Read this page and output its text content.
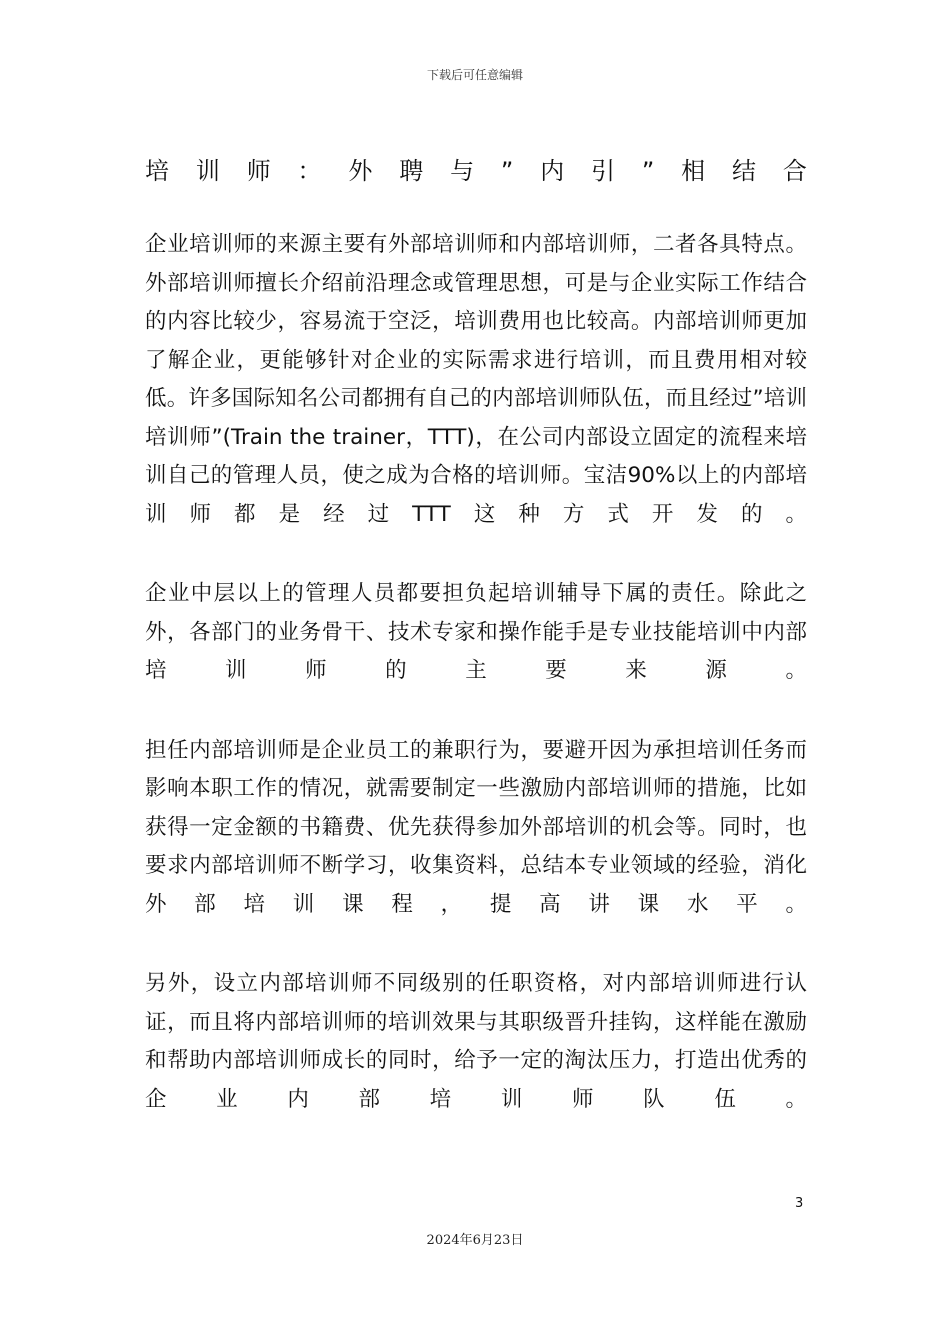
下载后可任意编辑
培 训 师 ： 外 聘 与 ” 内 引 ” 相 结 合

企业培训师的来源主要有外部培训师和内部培训师，二者各具特点。外部培训师擅长介绍前沿理念或管理思想，可是与企业实际工作结合的内容比较少，容易流于空泛，培训费用也比较高。内部培训师更加了解企业，更能够针对企业的实际需求进行培训，而且费用相对较低。许多国际知名公司都拥有自己的内部培训师队伍，而且经过”培训培训师”(Train the trainer，TTT)，在公司内部设立固定的流程来培训自己的管理人员，使之成为合格的培训师。宝洁90%以上的内部培训师都是经过TTT这种方式开发的。

企业中层以上的管理人员都要担负起培训辅导下属的责任。除此之外，各部门的业务骨干、技术专家和操作能手是专业技能培训中内部培训师的主要来源。

担任内部培训师是企业员工的兼职行为，要避开因为承担培训任务而影响本职工作的情况，就需要制定一些激励内部培训师的措施，比如获得一定金额的书籍费、优先获得参加外部培训的机会等。同时，也要求内部培训师不断学习，收集资料，总结本专业领域的经验，消化外部培训课程，提高讲课水平。

另外，设立内部培训师不同级别的任职资格，对内部培训师进行认证，而且将内部培训师的培训效果与其职级晋升挂钩，这样能在激励和帮助内部培训师成长的同时，给予一定的淘汰压力，打造出优秀的企业内部培训师队伍。

3
2024年6月23日
